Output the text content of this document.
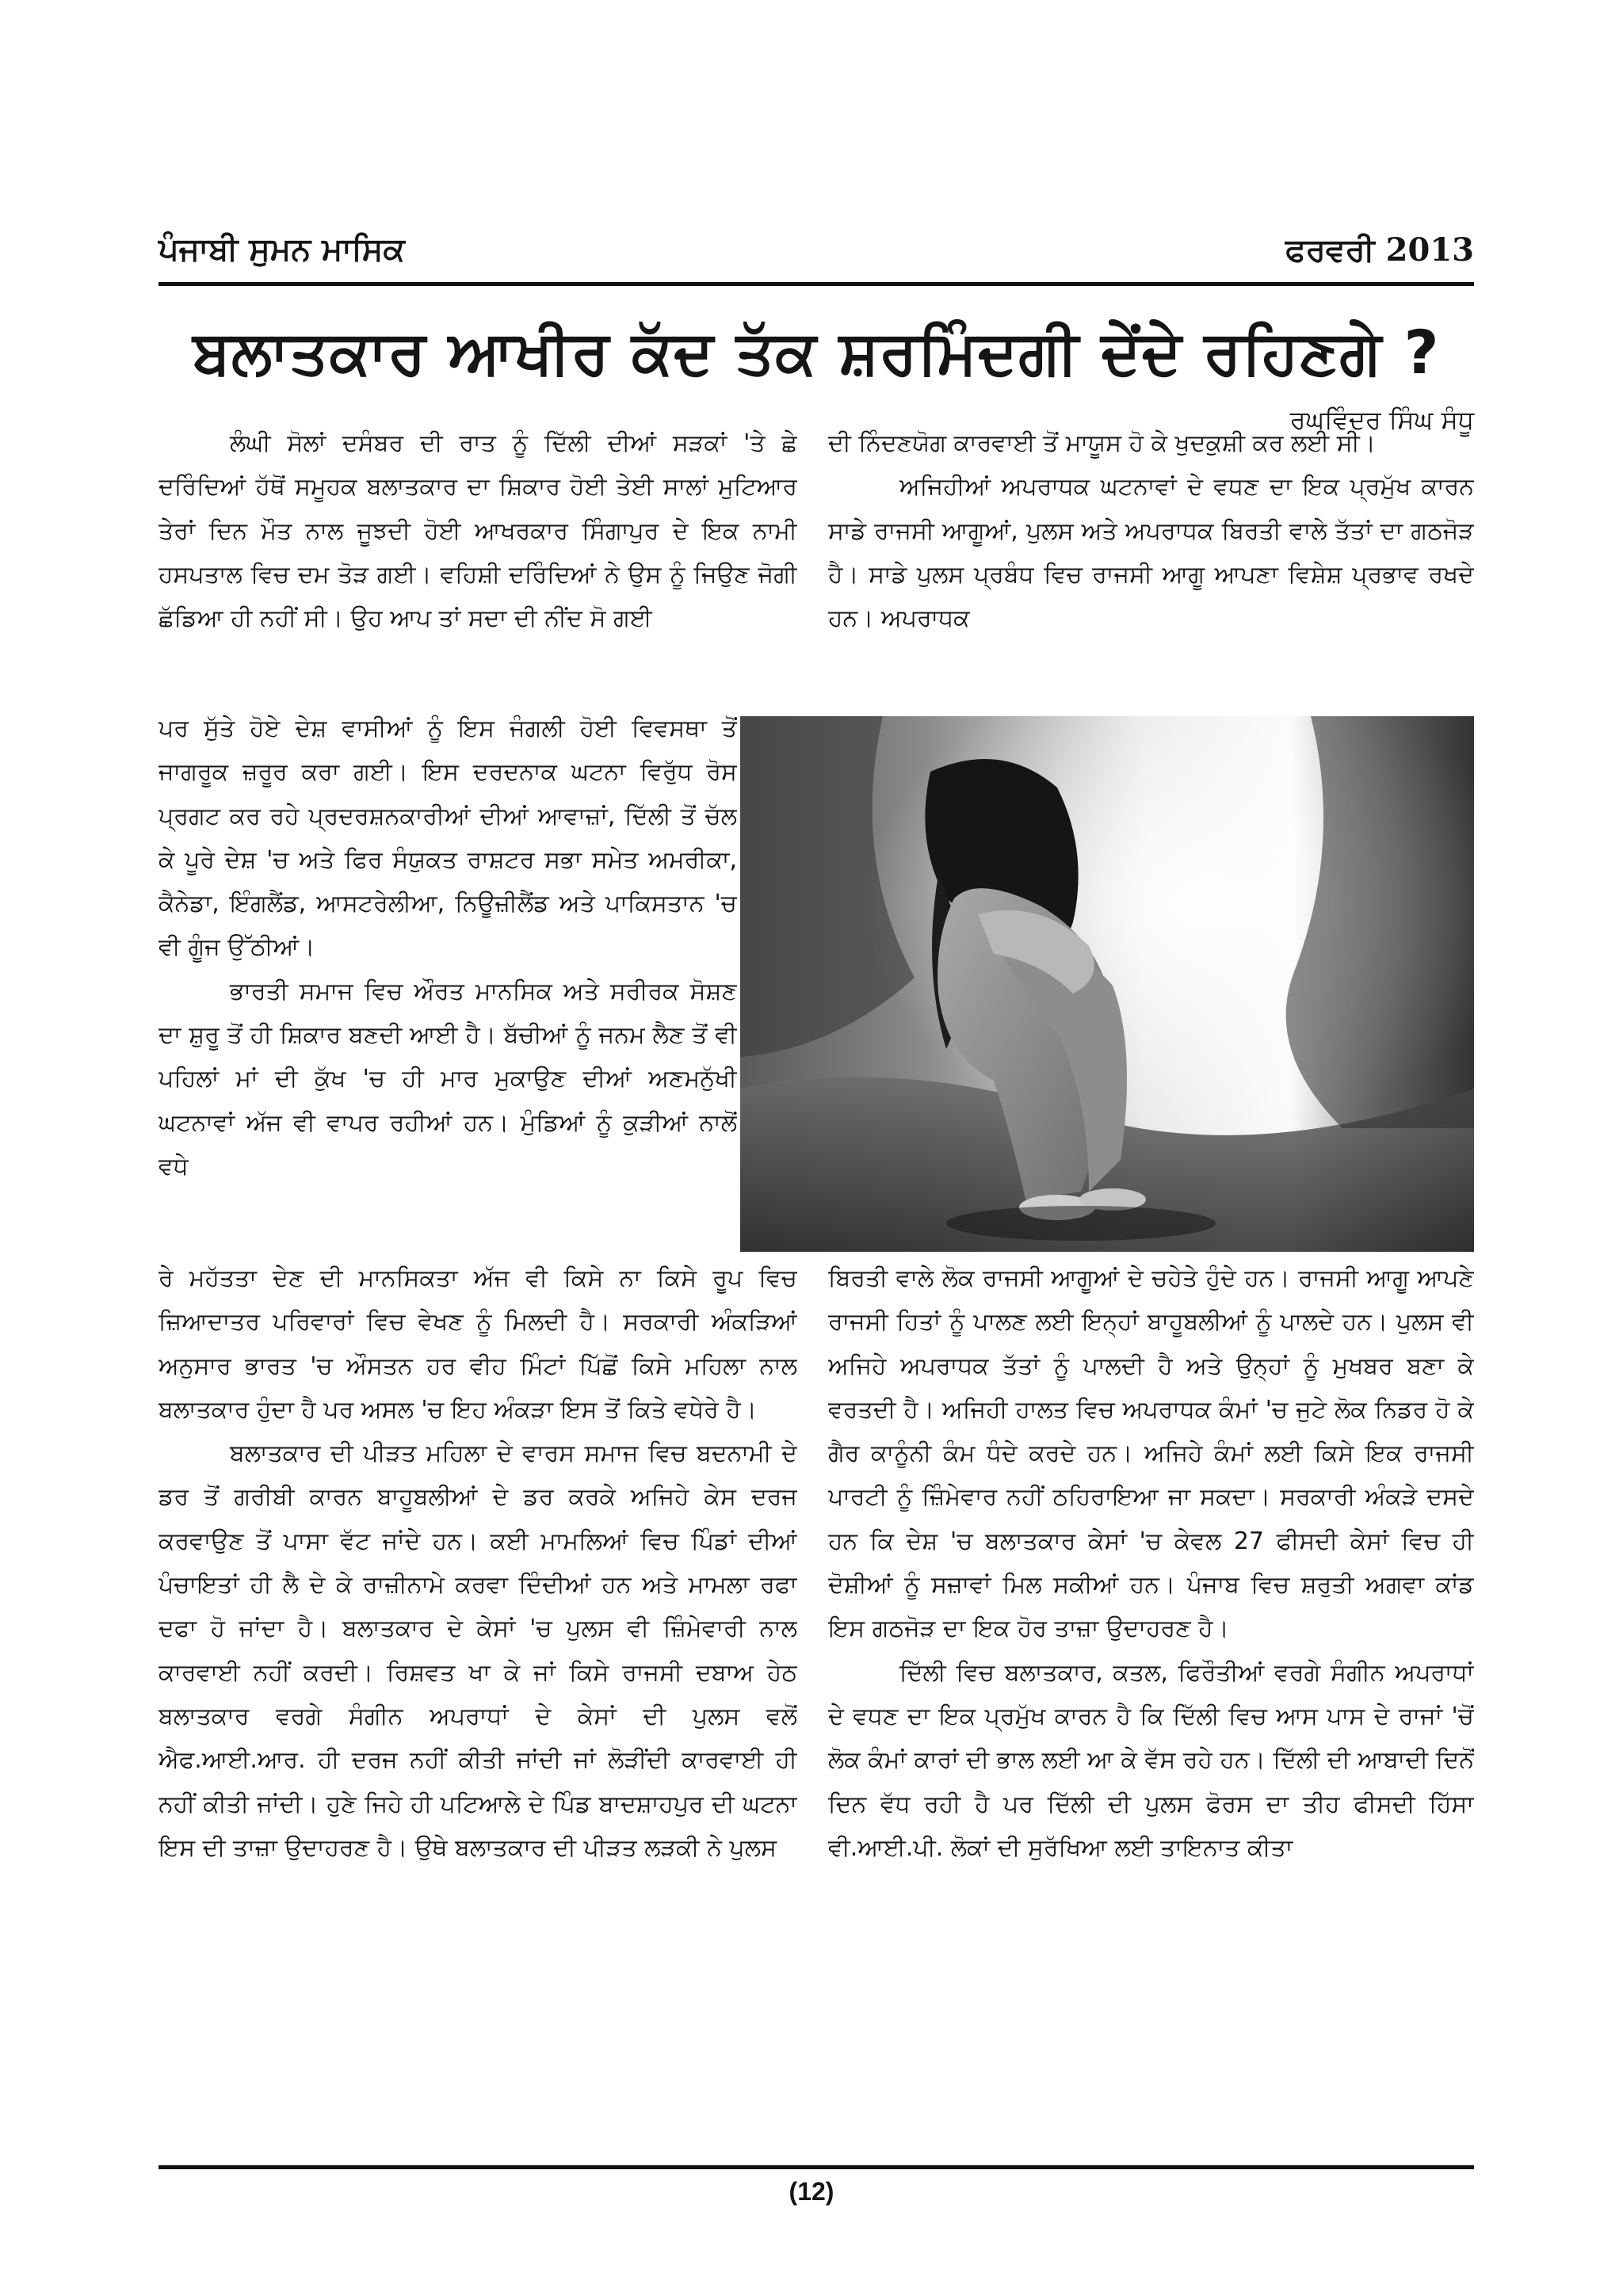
ਪੰਜਾਬੀ ਸੁਮਨ ਮਾਸਿਕ	ਫਰਵਰੀ 2013
ਬਲਾਤਕਾਰ ਆਖੀਰ ਕੱਦ ਤੱਕ ਸ਼ਰਮਿੰਦਗੀ ਦੇਂਦੇ ਰਹਿਣਗੇ ?
ਰਘਵਿੰਦਰ ਸਿੰਘ ਸੰਧੂ

ਲੰਘੀ ਸੋਲਾਂ ਦਸੰਬਰ ਦੀ ਰਾਤ ਨੂੰ ਦਿੱਲੀ ਦੀਆਂ ਸੜਕਾਂ 'ਤੇ ਛੇ ਦਰਿੰਦਿਆਂ ਹੱਥੋਂ ਸਮੂਹਕ ਬਲਾਤਕਾਰ ਦਾ ਸ਼ਿਕਾਰ ਹੋਈ ਤੇਈ ਸਾਲਾਂ ਮੁਟਿਆਰ ਤੇਰਾਂ ਦਿਨ ਮੌਤ ਨਾਲ ਜੂਝਦੀ ਹੋਈ ਆਖਰਕਾਰ ਸਿੰਗਾਪੁਰ ਦੇ ਇਕ ਨਾਮੀ ਹਸਪਤਾਲ ਵਿਚ ਦਮ ਤੋੜ ਗਈ। ਵਹਿਸ਼ੀ ਦਰਿੰਦਿਆਂ ਨੇ ਉਸ ਨੂੰ ਜਿਉਣ ਜੋਗੀ ਛੱਡਿਆ ਹੀ ਨਹੀਂ ਸੀ। ਉਹ ਆਪ ਤਾਂ ਸਦਾ ਦੀ ਨੀਂਦ ਸੋ ਗਈ

ਪਰ ਸੁੱਤੇ ਹੋਏ ਦੇਸ਼ ਵਾਸੀਆਂ ਨੂੰ ਇਸ ਜੰਗਲੀ ਹੋਈ ਵਿਵਸਥਾ ਤੋਂ ਜਾਗਰੂਕ ਜ਼ਰੂਰ ਕਰਾ ਗਈ। ਇਸ ਦਰਦਨਾਕ ਘਟਨਾ ਵਿਰੁੱਧ ਰੋਸ ਪ੍ਰਗਟ ਕਰ ਰਹੇ ਪ੍ਰਦਰਸ਼ਨਕਾਰੀਆਂ ਦੀਆਂ ਆਵਾਜ਼ਾਂ, ਦਿੱਲੀ ਤੋਂ ਚੱਲ ਕੇ ਪੂਰੇ ਦੇਸ਼ 'ਚ ਅਤੇ ਫਿਰ ਸੰਯੁਕਤ ਰਾਸ਼ਟਰ ਸਭਾ ਸਮੇਤ ਅਮਰੀਕਾ, ਕੈਨੇਡਾ, ਇੰਗਲੈਂਡ, ਆਸਟਰੇਲੀਆ, ਨਿਊਜ਼ੀਲੈਂਡ ਅਤੇ ਪਾਕਿਸਤਾਨ 'ਚ ਵੀ ਗੂੰਜ ਉੱਠੀਆਂ।

ਭਾਰਤੀ ਸਮਾਜ ਵਿਚ ਔਰਤ ਮਾਨਸਿਕ ਅਤੇ ਸਰੀਰਕ ਸੋਸ਼ਣ ਦਾ ਸ਼ੁਰੂ ਤੋਂ ਹੀ ਸ਼ਿਕਾਰ ਬਣਦੀ ਆਈ ਹੈ। ਬੱਚੀਆਂ ਨੂੰ ਜਨਮ ਲੈਣ ਤੋਂ ਵੀ ਪਹਿਲਾਂ ਮਾਂ ਦੀ ਕੁੱਖ 'ਚ ਹੀ ਮਾਰ ਮੁਕਾਉਣ ਦੀਆਂ ਅਣਮਨੁੱਖੀ ਘਟਨਾਵਾਂ ਅੱਜ ਵੀ ਵਾਪਰ ਰਹੀਆਂ ਹਨ। ਮੁੰਡਿਆਂ ਨੂੰ ਕੁੜੀਆਂ ਨਾਲੋਂ ਵਧੇ

ਰੇ ਮਹੱਤਤਾ ਦੇਣ ਦੀ ਮਾਨਸਿਕਤਾ ਅੱਜ ਵੀ ਕਿਸੇ ਨਾ ਕਿਸੇ ਰੂਪ ਵਿਚ ਜ਼ਿਆਦਾਤਰ ਪਰਿਵਾਰਾਂ ਵਿਚ ਵੇਖਣ ਨੂੰ ਮਿਲਦੀ ਹੈ। ਸਰਕਾਰੀ ਅੰਕੜਿਆਂ ਅਨੁਸਾਰ ਭਾਰਤ 'ਚ ਔਸਤਨ ਹਰ ਵੀਹ ਮਿੰਟਾਂ ਪਿੱਛੋਂ ਕਿਸੇ ਮਹਿਲਾ ਨਾਲ ਬਲਾਤਕਾਰ ਹੁੰਦਾ ਹੈ ਪਰ ਅਸਲ 'ਚ ਇਹ ਅੰਕੜਾ ਇਸ ਤੋਂ ਕਿਤੇ ਵਧੇਰੇ ਹੈ।

ਬਲਾਤਕਾਰ ਦੀ ਪੀੜਤ ਮਹਿਲਾ ਦੇ ਵਾਰਸ ਸਮਾਜ ਵਿਚ ਬਦਨਾਮੀ ਦੇ ਡਰ ਤੋਂ ਗਰੀਬੀ ਕਾਰਨ ਬਾਹੂਬਲੀਆਂ ਦੇ ਡਰ ਕਰਕੇ ਅਜਿਹੇ ਕੇਸ ਦਰਜ ਕਰਵਾਉਣ ਤੋਂ ਪਾਸਾ ਵੱਟ ਜਾਂਦੇ ਹਨ। ਕਈ ਮਾਮਲਿਆਂ ਵਿਚ ਪਿੰਡਾਂ ਦੀਆਂ ਪੰਚਾਇਤਾਂ ਹੀ ਲੈ ਦੇ ਕੇ ਰਾਜ਼ੀਨਾਮੇ ਕਰਵਾ ਦਿੰਦੀਆਂ ਹਨ ਅਤੇ ਮਾਮਲਾ ਰਫਾ ਦਫਾ ਹੋ ਜਾਂਦਾ ਹੈ। ਬਲਾਤਕਾਰ ਦੇ ਕੇਸਾਂ 'ਚ ਪੁਲਸ ਵੀ ਜ਼ਿੰਮੇਵਾਰੀ ਨਾਲ ਕਾਰਵਾਈ ਨਹੀਂ ਕਰਦੀ। ਰਿਸ਼ਵਤ ਖਾ ਕੇ ਜਾਂ ਕਿਸੇ ਰਾਜਸੀ ਦਬਾਅ ਹੇਠ ਬਲਾਤਕਾਰ ਵਰਗੇ ਸੰਗੀਨ ਅਪਰਾਧਾਂ ਦੇ ਕੇਸਾਂ ਦੀ ਪੁਲਸ ਵਲੋਂ ਐਫ.ਆਈ.ਆਰ. ਹੀ ਦਰਜ ਨਹੀਂ ਕੀਤੀ ਜਾਂਦੀ ਜਾਂ ਲੋੜੀਂਦੀ ਕਾਰਵਾਈ ਹੀ ਨਹੀਂ ਕੀਤੀ ਜਾਂਦੀ। ਹੁਣੇ ਜਿਹੇ ਹੀ ਪਟਿਆਲੇ ਦੇ ਪਿੰਡ ਬਾਦਸ਼ਾਹਪੁਰ ਦੀ ਘਟਨਾ ਇਸ ਦੀ ਤਾਜ਼ਾ ਉਦਾਹਰਣ ਹੈ। ਉਥੇ ਬਲਾਤਕਾਰ ਦੀ ਪੀੜਤ ਲੜਕੀ ਨੇ ਪੁਲਸ

ਦੀ ਨਿੰਦਣਯੋਗ ਕਾਰਵਾਈ ਤੋਂ ਮਾਯੂਸ ਹੋ ਕੇ ਖੁਦਕੁਸ਼ੀ ਕਰ ਲਈ ਸੀ।

ਅਜਿਹੀਆਂ ਅਪਰਾਧਕ ਘਟਨਾਵਾਂ ਦੇ ਵਧਣ ਦਾ ਇਕ ਪ੍ਰਮੁੱਖ ਕਾਰਨ ਸਾਡੇ ਰਾਜਸੀ ਆਗੂਆਂ, ਪੁਲਸ ਅਤੇ ਅਪਰਾਧਕ ਬਿਰਤੀ ਵਾਲੇ ਤੱਤਾਂ ਦਾ ਗਠਜੋੜ ਹੈ। ਸਾਡੇ ਪੁਲਸ ਪ੍ਰਬੰਧ ਵਿਚ ਰਾਜਸੀ ਆਗੂ ਆਪਣਾ ਵਿਸ਼ੇਸ਼ ਪ੍ਰਭਾਵ ਰਖਦੇ ਹਨ। ਅਪਰਾਧਕ

ਬਿਰਤੀ ਵਾਲੇ ਲੋਕ ਰਾਜਸੀ ਆਗੂਆਂ ਦੇ ਚਹੇਤੇ ਹੁੰਦੇ ਹਨ। ਰਾਜਸੀ ਆਗੂ ਆਪਣੇ ਰਾਜਸੀ ਹਿਤਾਂ ਨੂੰ ਪਾਲਣ ਲਈ ਇਨ੍ਹਾਂ ਬਾਹੂਬਲੀਆਂ ਨੂੰ ਪਾਲਦੇ ਹਨ। ਪੁਲਸ ਵੀ ਅਜਿਹੇ ਅਪਰਾਧਕ ਤੱਤਾਂ ਨੂੰ ਪਾਲਦੀ ਹੈ ਅਤੇ ਉਨ੍ਹਾਂ ਨੂੰ ਮੁਖਬਰ ਬਣਾ ਕੇ ਵਰਤਦੀ ਹੈ। ਅਜਿਹੀ ਹਾਲਤ ਵਿਚ ਅਪਰਾਧਕ ਕੰਮਾਂ 'ਚ ਜੁਟੇ ਲੋਕ ਨਿਡਰ ਹੋ ਕੇ ਗੈਰ ਕਾਨੂੰਨੀ ਕੰਮ ਧੰਦੇ ਕਰਦੇ ਹਨ। ਅਜਿਹੇ ਕੰਮਾਂ ਲਈ ਕਿਸੇ ਇਕ ਰਾਜਸੀ ਪਾਰਟੀ ਨੂੰ ਜ਼ਿੰਮੇਵਾਰ ਨਹੀਂ ਠਹਿਰਾਇਆ ਜਾ ਸਕਦਾ। ਸਰਕਾਰੀ ਅੰਕੜੇ ਦਸਦੇ ਹਨ ਕਿ ਦੇਸ਼ 'ਚ ਬਲਾਤਕਾਰ ਕੇਸਾਂ 'ਚ ਕੇਵਲ 27 ਫੀਸਦੀ ਕੇਸਾਂ ਵਿਚ ਹੀ ਦੋਸ਼ੀਆਂ ਨੂੰ ਸਜ਼ਾਵਾਂ ਮਿਲ ਸਕੀਆਂ ਹਨ। ਪੰਜਾਬ ਵਿਚ ਸ਼ਰੁਤੀ ਅਗਵਾ ਕਾਂਡ ਇਸ ਗਠਜੋੜ ਦਾ ਇਕ ਹੋਰ ਤਾਜ਼ਾ ਉਦਾਹਰਣ ਹੈ।

ਦਿੱਲੀ ਵਿਚ ਬਲਾਤਕਾਰ, ਕਤਲ, ਫਿਰੌਤੀਆਂ ਵਰਗੇ ਸੰਗੀਨ ਅਪਰਾਧਾਂ ਦੇ ਵਧਣ ਦਾ ਇਕ ਪ੍ਰਮੁੱਖ ਕਾਰਨ ਹੈ ਕਿ ਦਿੱਲੀ ਵਿਚ ਆਸ ਪਾਸ ਦੇ ਰਾਜਾਂ 'ਚੋਂ ਲੋਕ ਕੰਮਾਂ ਕਾਰਾਂ ਦੀ ਭਾਲ ਲਈ ਆ ਕੇ ਵੱਸ ਰਹੇ ਹਨ। ਦਿੱਲੀ ਦੀ ਆਬਾਦੀ ਦਿਨੋਂ ਦਿਨ ਵੱਧ ਰਹੀ ਹੈ ਪਰ ਦਿੱਲੀ ਦੀ ਪੁਲਸ ਫੋਰਸ ਦਾ ਤੀਹ ਫੀਸਦੀ ਹਿੱਸਾ ਵੀ.ਆਈ.ਪੀ. ਲੋਕਾਂ ਦੀ ਸੁਰੱਖਿਆ ਲਈ ਤਾਇਨਾਤ ਕੀਤਾ

(12)
